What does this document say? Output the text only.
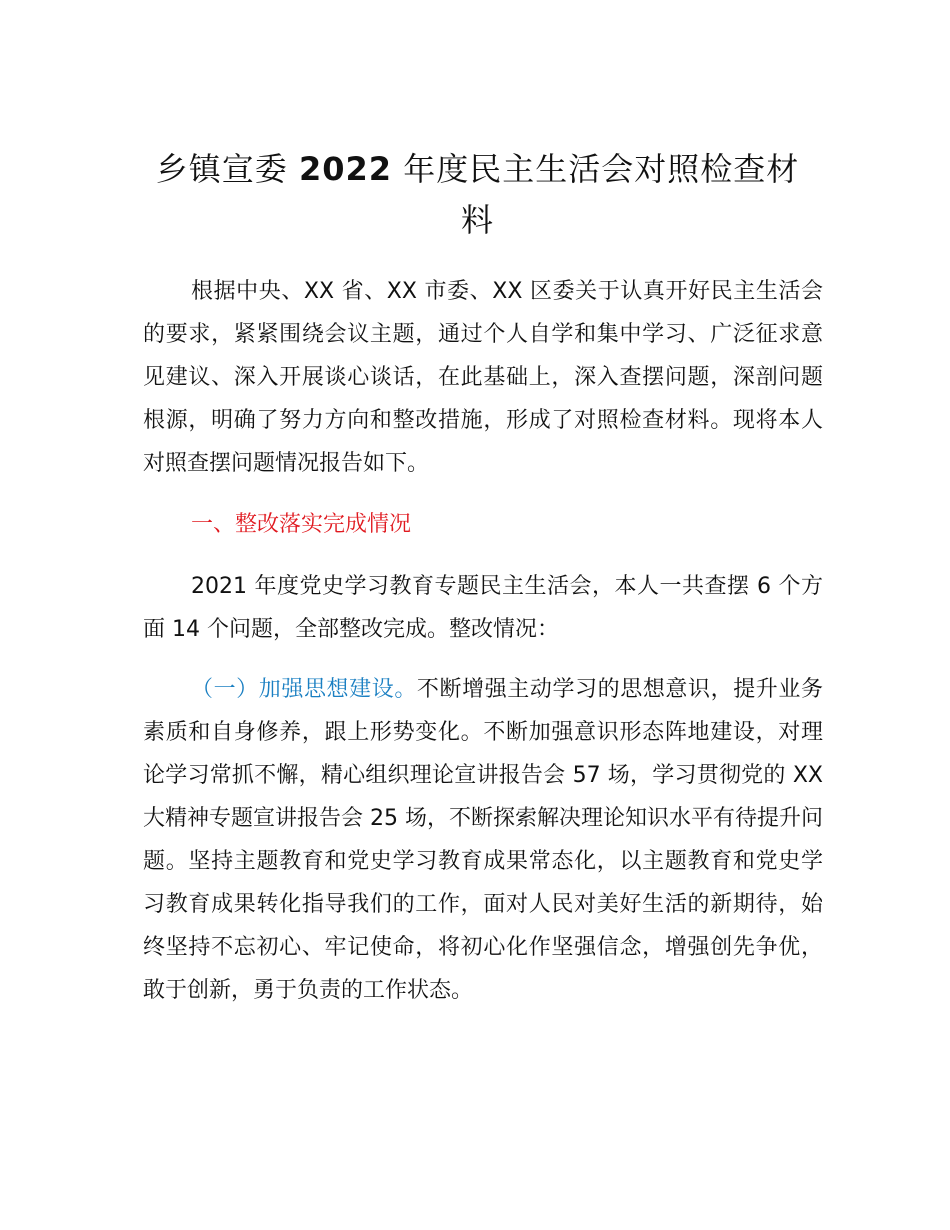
乡镇宣委 2022 年度民主生活会对照检查材料

根据中央、XX 省、XX 市委、XX 区委关于认真开好民主生活会的要求，紧紧围绕会议主题，通过个人自学和集中学习、广泛征求意见建议、深入开展谈心谈话，在此基础上，深入查摆问题，深剖问题根源，明确了努力方向和整改措施，形成了对照检查材料。现将本人对照查摆问题情况报告如下。

一、整改落实完成情况

2021 年度党史学习教育专题民主生活会，本人一共查摆 6 个方面 14 个问题，全部整改完成。整改情况：

（一）加强思想建设。不断增强主动学习的思想意识，提升业务素质和自身修养，跟上形势变化。不断加强意识形态阵地建设，对理论学习常抓不懈，精心组织理论宣讲报告会 57 场，学习贯彻党的 XX 大精神专题宣讲报告会 25 场，不断探索解决理论知识水平有待提升问题。坚持主题教育和党史学习教育成果常态化，以主题教育和党史学习教育成果转化指导我们的工作，面对人民对美好生活的新期待，始终坚持不忘初心、牢记使命，将初心化作坚强信念，增强创先争优，敢于创新，勇于负责的工作状态。
